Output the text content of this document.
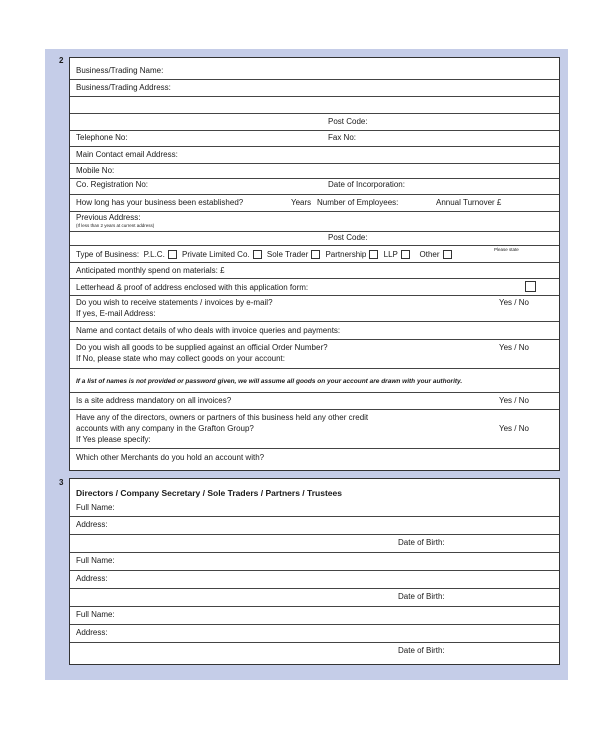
2
Business/Trading Name:
Business/Trading Address:
Post Code:
Telephone No:	Fax No:
Main Contact email Address:
Mobile No:
Co. Registration No:	Date of Incorporation:
How long has your business been established?	Years Number of Employees:	Annual Turnover £
Previous Address:
(If less than 2 years at current address)
Post Code:
Type of Business: P.L.C. Private Limited Co. Sole Trader Partnership LLP	Other
Please state
Anticipated monthly spend on materials: £
Letterhead & proof of address enclosed with this application form:
Do you wish to receive statements / invoices by e-mail?	Yes / No
If yes, E-mail Address:
Name and contact details of who deals with invoice queries and payments:
Do you wish all goods to be supplied against an official Order Number?	Yes / No
If No, please state who may collect goods on your account:
If a list of names is not provided or password given, we will assume all goods on your account are drawn with your authority.
Is a site address mandatory on all invoices?	Yes / No
Have any of the directors, owners or partners of this business held any other credit
accounts with any company in the Grafton Group?	Yes / No
If Yes please specify:
Which other Merchants do you hold an account with?
3
Directors / Company Secretary / Sole Traders / Partners / Trustees
Full Name:
Address:
Date of Birth:
Full Name:
Address:
Date of Birth:
Full Name:
Address:
Date of Birth:
